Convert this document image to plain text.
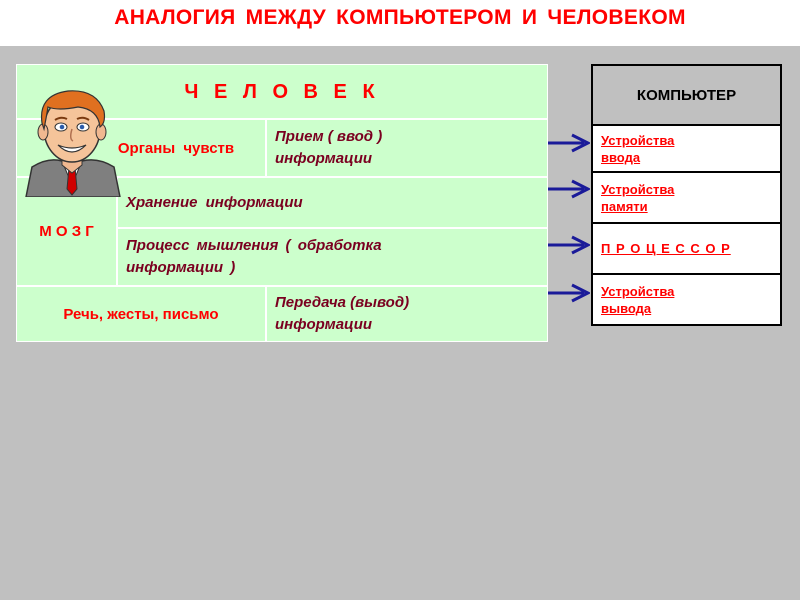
АНАЛОГИЯ МЕЖДУ КОМПЬЮТЕРОМ И ЧЕЛОВЕКОМ
Ч Е Л О В Е К
Органы чувств
Прием ( ввод ) информации
М О З Г
Хранение информации
Процесс мышления ( обработка информации )
Речь, жесты, письмо
Передача (вывод) информации
КОМПЬЮТЕР
Устройства ввода
Устройства памяти
П Р О Ц Е С С О Р
Устройства вывода
